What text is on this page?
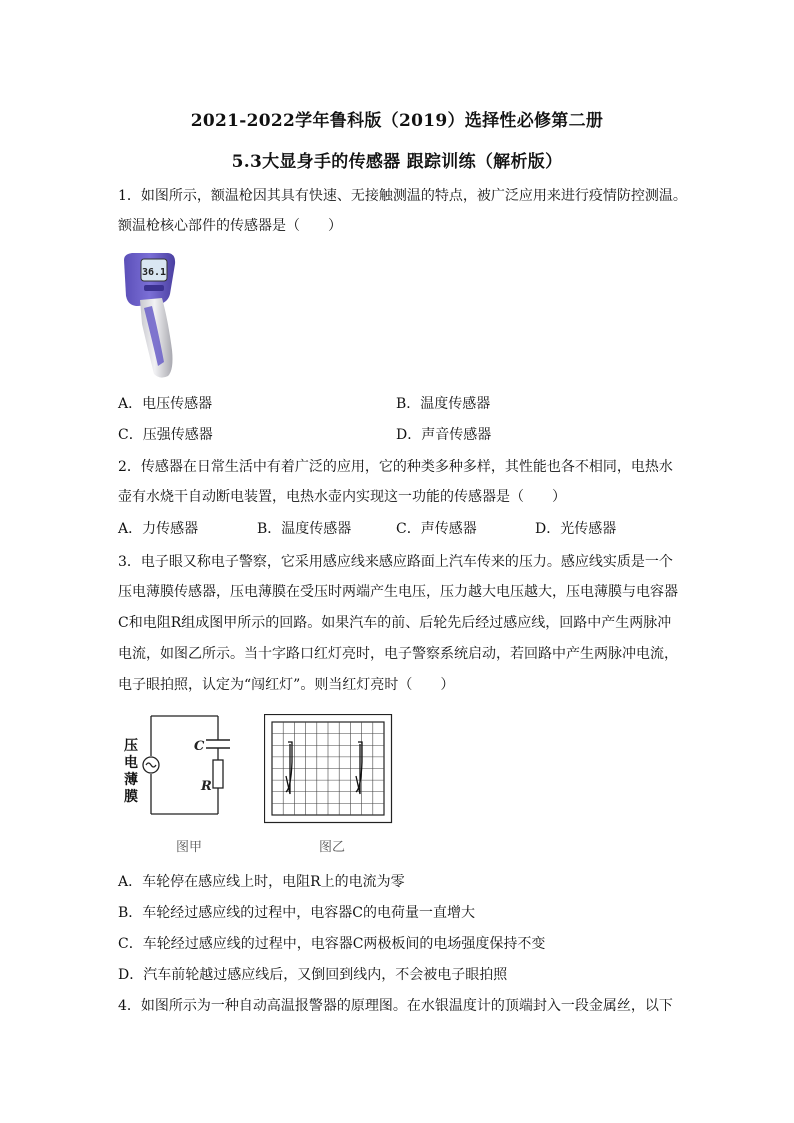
2021-2022学年鲁科版（2019）选择性必修第二册
5.3大显身手的传感器 跟踪训练（解析版）
1．如图所示，额温枪因其具有快速、无接触测温的特点，被广泛应用来进行疫情防控测温。
额温枪核心部件的传感器是（　　）
36.1
A．电压传感器	B．温度传感器
C．压强传感器	D．声音传感器
2．传感器在日常生活中有着广泛的应用，它的种类多种多样，其性能也各不相同，电热水
壶有水烧干自动断电装置，电热水壶内实现这一功能的传感器是（　　）
A．力传感器	B．温度传感器	C．声传感器	D．光传感器
3．电子眼又称电子警察，它采用感应线来感应路面上汽车传来的压力。感应线实质是一个
压电薄膜传感器，压电薄膜在受压时两端产生电压，压力越大电压越大，压电薄膜与电容器
C和电阻R组成图甲所示的回路。如果汽车的前、后轮先后经过感应线，回路中产生两脉冲
电流，如图乙所示。当十字路口红灯亮时，电子警察系统启动，若回路中产生两脉冲电流，
电子眼拍照，认定为“闯红灯”。则当红灯亮时（　　）
C
R
压电薄膜
图甲	图乙
A．车轮停在感应线上时，电阻R上的电流为零
B．车轮经过感应线的过程中，电容器C的电荷量一直增大
C．车轮经过感应线的过程中，电容器C两极板间的电场强度保持不变
D．汽车前轮越过感应线后，又倒回到线内，不会被电子眼拍照
4．如图所示为一种自动高温报警器的原理图。在水银温度计的顶端封入一段金属丝，以下
